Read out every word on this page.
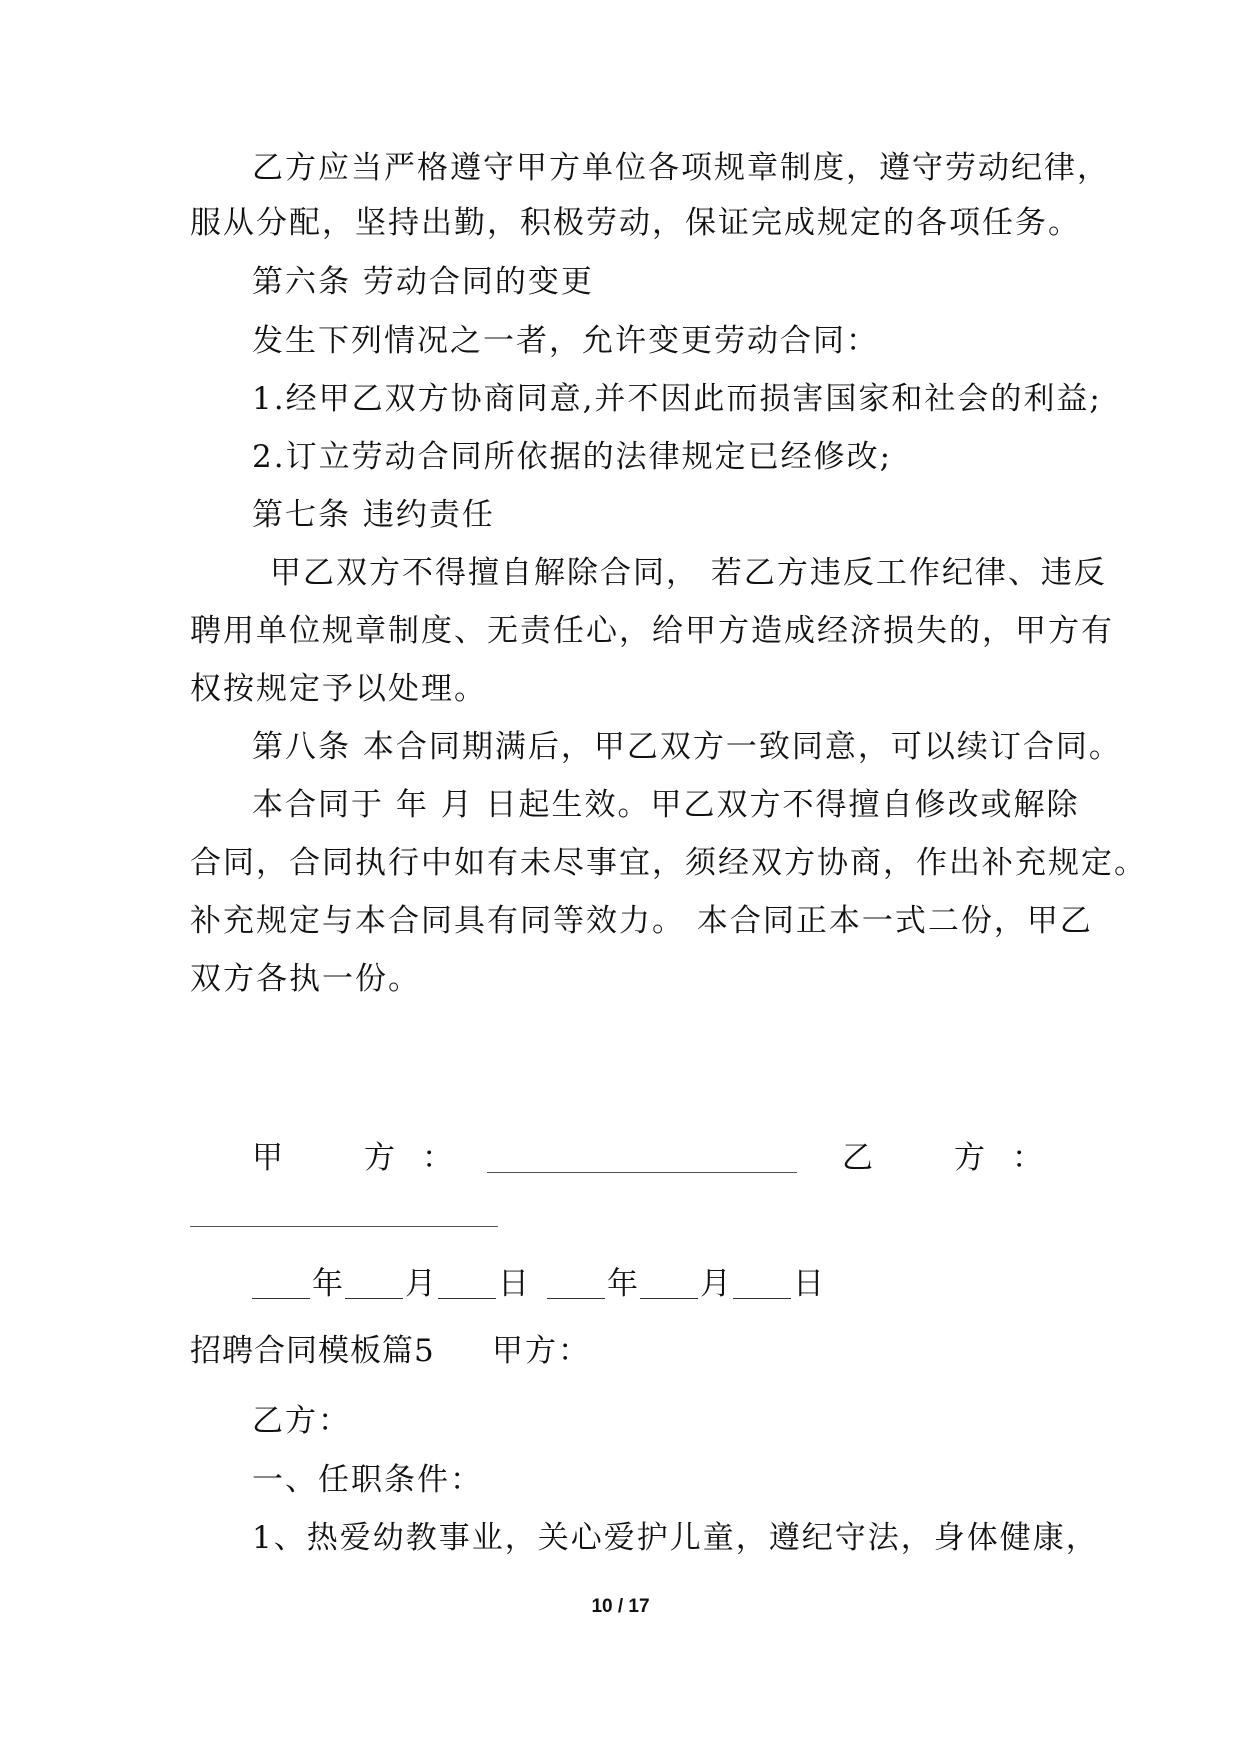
乙方应当严格遵守甲方单位各项规章制度，遵守劳动纪律，
服从分配，坚持出勤，积极劳动，保证完成规定的各项任务。
第六条 劳动合同的变更
发生下列情况之一者，允许变更劳动合同：
1.经甲乙双方协商同意,并不因此而损害国家和社会的利益;
2.订立劳动合同所依据的法律规定已经修改;
第七条 违约责任
甲乙双方不得擅自解除合同， 若乙方违反工作纪律、违反
聘用单位规章制度、无责任心，给甲方造成经济损失的，甲方有
权按规定予以处理。
第八条 本合同期满后，甲乙双方一致同意，可以续订合同。
本合同于 年 月 日起生效。甲乙双方不得擅自修改或解除
合同，合同执行中如有未尽事宜，须经双方协商，作出补充规定。
补充规定与本合同具有同等效力。 本合同正本一式二份，甲乙
双方各执一份。
甲	方 ：	乙	方 ：
年 月 日	年 月 日
招聘合同模板篇5 甲方：
乙方：
一、任职条件：
1、热爱幼教事业，关心爱护儿童，遵纪守法，身体健康，
10 / 17
